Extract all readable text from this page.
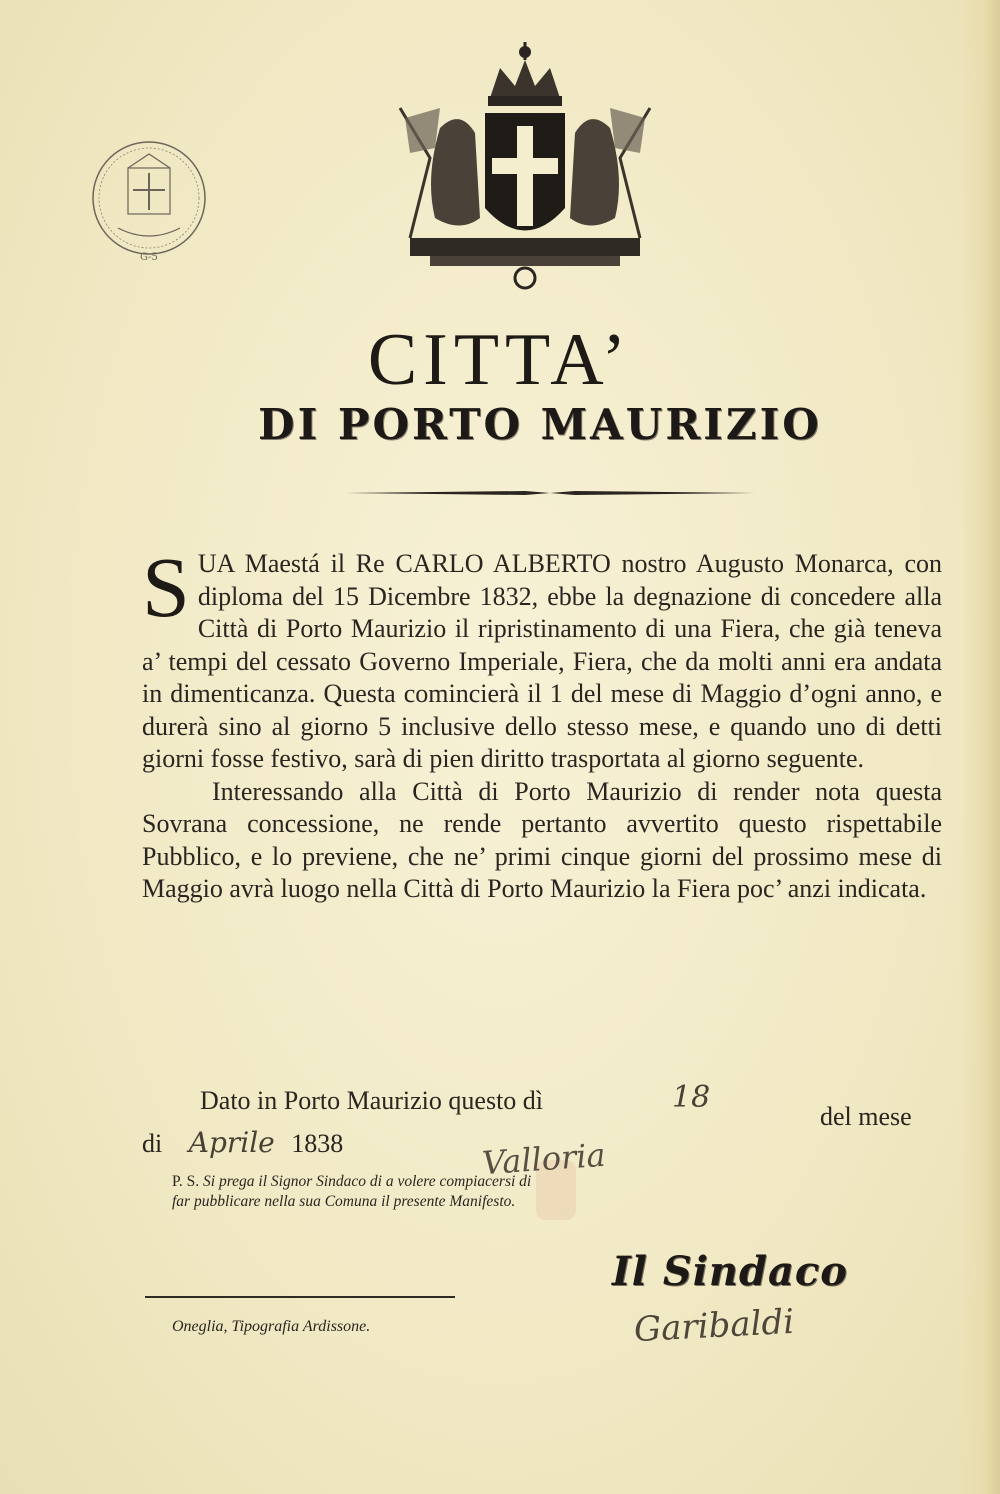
G-5
CITTA’
DI PORTO MAURIZIO

SUA Maestá il Re CARLO ALBERTO nostro Augusto Monarca, con diploma del 15 Dicembre 1832, ebbe la degnazione di concedere alla Città di Porto Maurizio il ripristinamento di una Fiera, che già teneva a’ tempi del cessato Governo Imperiale, Fiera, che da molti anni era andata in dimenticanza. Questa comincierà il 1 del mese di Maggio d’ogni anno, e durerà sino al giorno 5 inclusive dello stesso mese, e quando uno di detti giorni fosse festivo, sarà di pien diritto trasportata al giorno seguente.

Interessando alla Città di Porto Maurizio di render nota questa Sovrana concessione, ne rende pertanto avvertito questo rispettabile Pubblico, e lo previene, che ne’ primi cinque giorni del prossimo mese di Maggio avrà luogo nella Città di Porto Maurizio la Fiera poc’ anzi indicata.

Dato in Porto Maurizio questo dì	18
del mese
di Aprile 1838	Valloria
P. S. Si prega il Signor Sindaco di a volere compiacersi di far pubblicare nella sua Comuna il presente Manifesto.
Il Sindaco
Garibaldi
Oneglia, Tipografia Ardissone.
